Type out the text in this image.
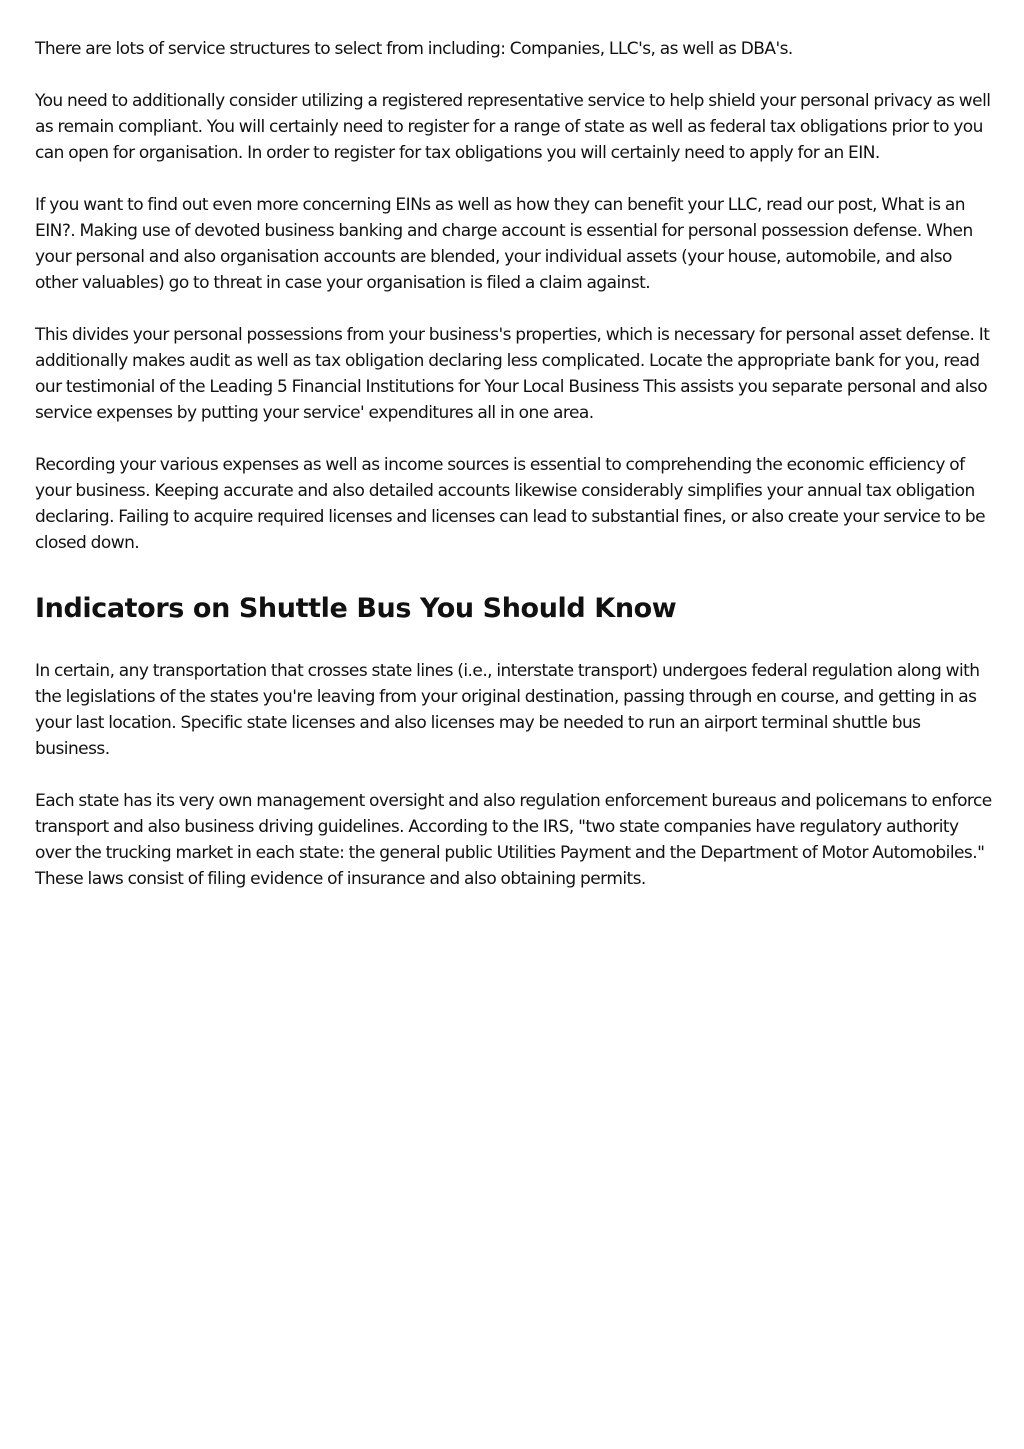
There are lots of service structures to select from including: Companies, LLC's, as well as DBA's.

You need to additionally consider utilizing a registered representative service to help shield your personal privacy as well as remain compliant. You will certainly need to register for a range of state as well as federal tax obligations prior to you can open for organisation. In order to register for tax obligations you will certainly need to apply for an EIN.

If you want to find out even more concerning EINs as well as how they can benefit your LLC, read our post, What is an EIN?. Making use of devoted business banking and charge account is essential for personal possession defense. When your personal and also organisation accounts are blended, your individual assets (your house, automobile, and also other valuables) go to threat in case your organisation is filed a claim against.

This divides your personal possessions from your business's properties, which is necessary for personal asset defense. It additionally makes audit as well as tax obligation declaring less complicated. Locate the appropriate bank for you, read our testimonial of the Leading 5 Financial Institutions for Your Local Business This assists you separate personal and also service expenses by putting your service' expenditures all in one area.

Recording your various expenses as well as income sources is essential to comprehending the economic efficiency of your business. Keeping accurate and also detailed accounts likewise considerably simplifies your annual tax obligation declaring. Failing to acquire required licenses and licenses can lead to substantial fines, or also create your service to be closed down.

Indicators on Shuttle Bus You Should Know

In certain, any transportation that crosses state lines (i.e., interstate transport) undergoes federal regulation along with the legislations of the states you're leaving from your original destination, passing through en course, and getting in as your last location. Specific state licenses and also licenses may be needed to run an airport terminal shuttle bus business.

Each state has its very own management oversight and also regulation enforcement bureaus and policemans to enforce transport and also business driving guidelines. According to the IRS, "two state companies have regulatory authority over the trucking market in each state: the general public Utilities Payment and the Department of Motor Automobiles." These laws consist of filing evidence of insurance and also obtaining permits.
